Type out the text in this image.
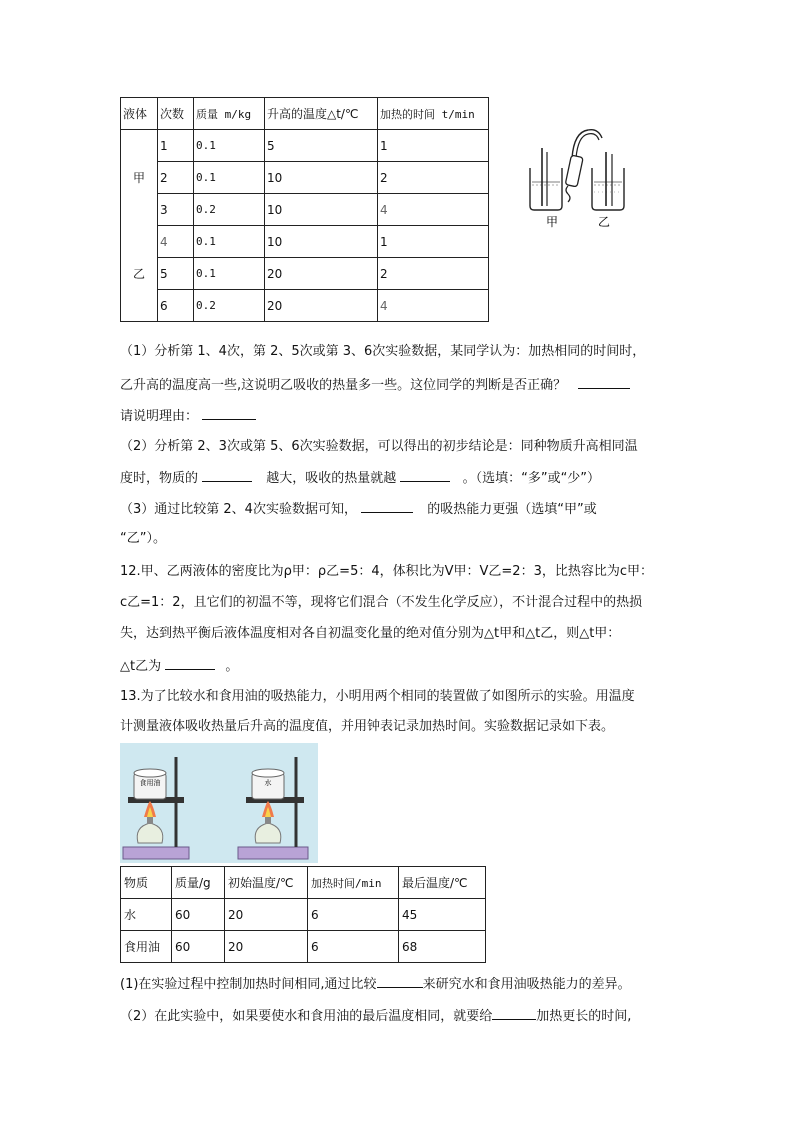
液体	次数	质量 m/kg	升高的温度△t/℃	加热的时间 t/min
甲	1	0.1	5	1
	2	0.1	10	2
	3	0.2	10	4
乙	4	0.1	10	1
	5	0.1	20	2
	6	0.2	20	4
甲	乙
（1）分析第 1、4次，第 2、5次或第 3、6次实验数据，某同学认为：加热相同的时间时，
乙升高的温度高一些,这说明乙吸收的热量多一些。这位同学的判断是否正确？
请说明理由：
（2）分析第 2、3次或第 5、6次实验数据，可以得出的初步结论是：同种物质升高相同温
度时，物质的	越大，吸收的热量就越	。（选填：“多”或“少”）
（3）通过比较第 2、4次实验数据可知，	的吸热能力更强（选填“甲”或
“乙”）。
12.甲、乙两液体的密度比为ρ甲：ρ乙=5：4，体积比为V甲：V乙=2：3，比热容比为c甲：
c乙=1：2，且它们的初温不等，现将它们混合（不发生化学反应），不计混合过程中的热损
失，达到热平衡后液体温度相对各自初温变化量的绝对值分别为△t甲和△t乙，则△t甲：
△t乙为	。
13.为了比较水和食用油的吸热能力，小明用两个相同的装置做了如图所示的实验。用温度
计测量液体吸收热量后升高的温度值，并用钟表记录加热时间。实验数据记录如下表。
食用油	水
物质	质量/g	初始温度/℃	加热时间/min	最后温度/℃
水	60	20	6	45
食用油	60	20	6	68
(1)在实验过程中控制加热时间相同,通过比较	来研究水和食用油吸热能力的差异。
（2）在此实验中，如果要使水和食用油的最后温度相同，就要给	加热更长的时间,
